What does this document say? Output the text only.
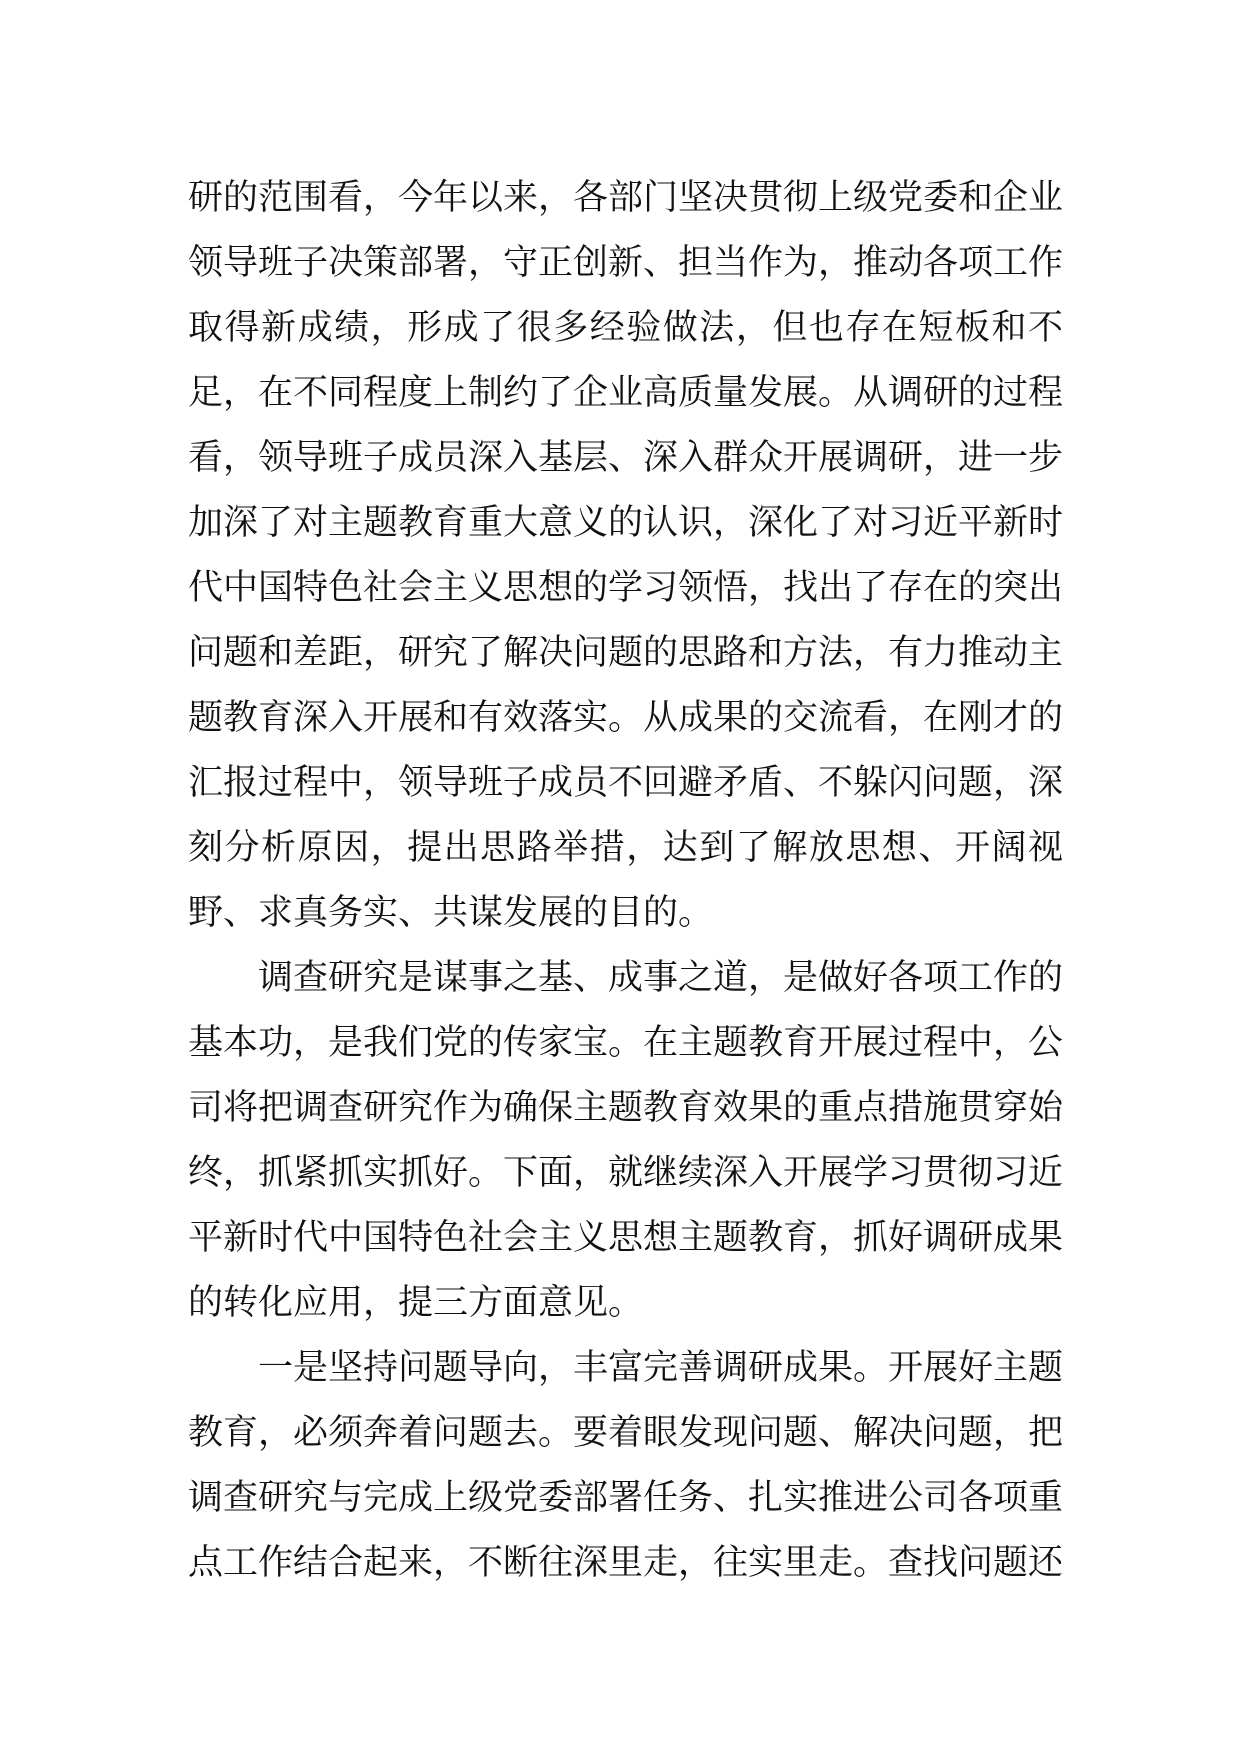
研的范围看，今年以来，各部门坚决贯彻上级党委和企业
领导班子决策部署，守正创新、担当作为，推动各项工作
取得新成绩，形成了很多经验做法，但也存在短板和不
足，在不同程度上制约了企业高质量发展。从调研的过程
看，领导班子成员深入基层、深入群众开展调研，进一步
加深了对主题教育重大意义的认识，深化了对习近平新时
代中国特色社会主义思想的学习领悟，找出了存在的突出
问题和差距，研究了解决问题的思路和方法，有力推动主
题教育深入开展和有效落实。从成果的交流看，在刚才的
汇报过程中，领导班子成员不回避矛盾、不躲闪问题，深
刻分析原因，提出思路举措，达到了解放思想、开阔视
野、求真务实、共谋发展的目的。
调查研究是谋事之基、成事之道，是做好各项工作的
基本功，是我们党的传家宝。在主题教育开展过程中，公
司将把调查研究作为确保主题教育效果的重点措施贯穿始
终，抓紧抓实抓好。下面，就继续深入开展学习贯彻习近
平新时代中国特色社会主义思想主题教育，抓好调研成果
的转化应用，提三方面意见。
一是坚持问题导向，丰富完善调研成果。开展好主题
教育，必须奔着问题去。要着眼发现问题、解决问题，把
调查研究与完成上级党委部署任务、扎实推进公司各项重
点工作结合起来，不断往深里走，往实里走。查找问题还
